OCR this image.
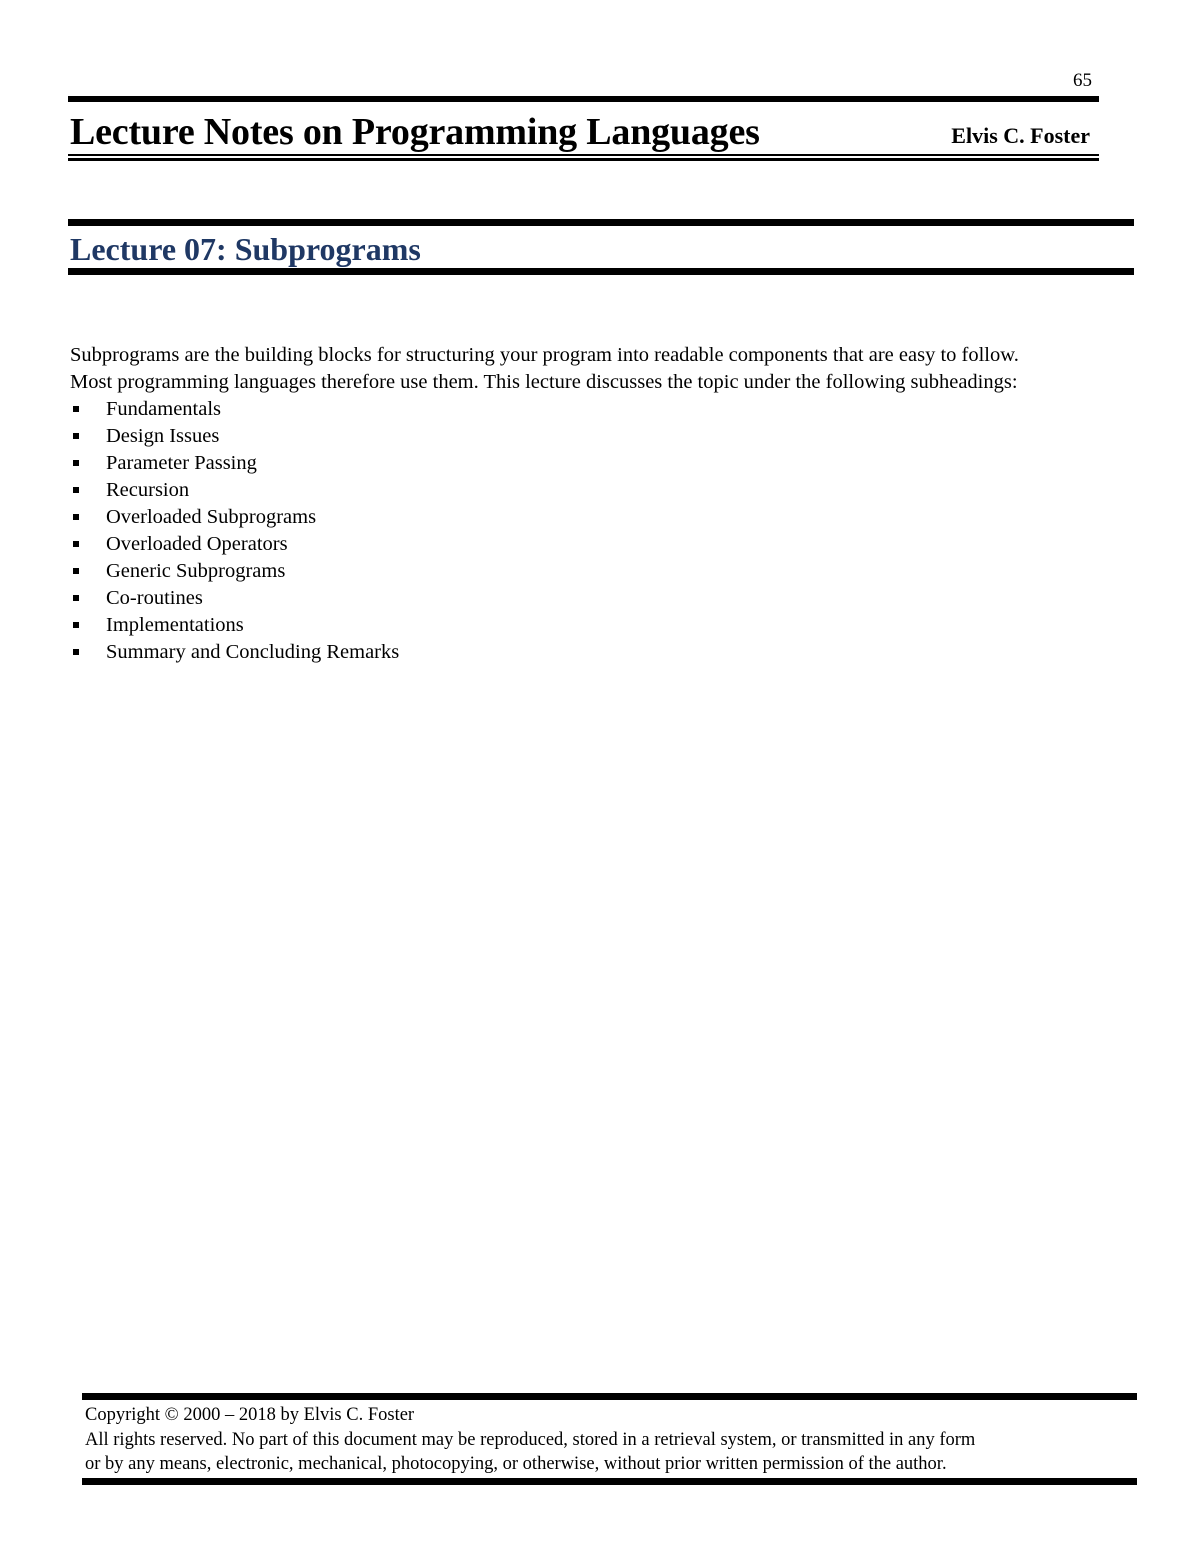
65
Lecture Notes on Programming Languages	Elvis C. Foster
Lecture 07: Subprograms

Subprograms are the building blocks for structuring your program into readable components that are easy to follow.

Most programming languages therefore use them. This lecture discusses the topic under the following subheadings:

Fundamentals
Design Issues
Parameter Passing
Recursion
Overloaded Subprograms
Overloaded Operators
Generic Subprograms
Co-routines
Implementations
Summary and Concluding Remarks

Copyright © 2000 – 2018 by Elvis C. Foster

All rights reserved. No part of this document may be reproduced, stored in a retrieval system, or transmitted in any form

or by any means, electronic, mechanical, photocopying, or otherwise, without prior written permission of the author.
